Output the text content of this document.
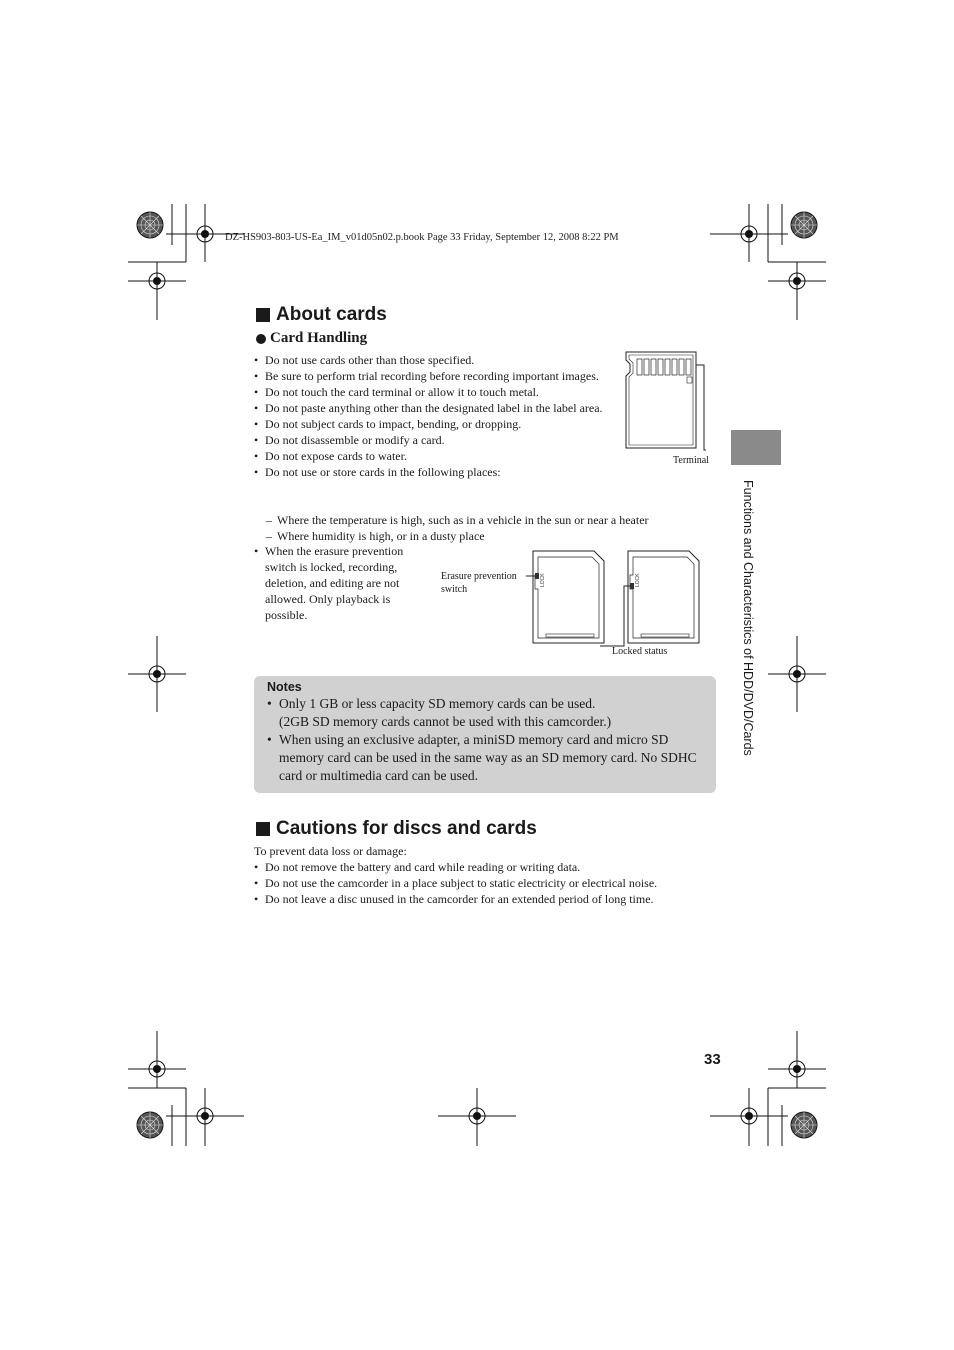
DZ-HS903-803-US-Ea_IM_v01d05n02.p.book Page 33 Friday, September 12, 2008 8:22 PM
About cards
Card Handling
• Do not use cards other than those specified.
• Be sure to perform trial recording before recording important images.
• Do not touch the card terminal or allow it to touch metal.
• Do not paste anything other than the designated label in the label area.
• Do not subject cards to impact, bending, or dropping.
• Do not disassemble or modify a card.
• Do not expose cards to water.
• Do not use or store cards in the following places:
– Where the temperature is high, such as in a vehicle in the sun or near a heater
– Where humidity is high, or in a dusty place
• When the erasure prevention switch is locked, recording, deletion, and editing are not allowed. Only playback is possible.
Terminal
LOCK	LOCK
Erasure prevention switch
Locked status
Notes
• Only 1 GB or less capacity SD memory cards can be used.
(2GB SD memory cards cannot be used with this camcorder.)
• When using an exclusive adapter, a miniSD memory card and micro SD memory card can be used in the same way as an SD memory card. No SDHC card or multimedia card can be used.
Cautions for discs and cards
To prevent data loss or damage:
• Do not remove the battery and card while reading or writing data.
• Do not use the camcorder in a place subject to static electricity or electrical noise.
• Do not leave a disc unused in the camcorder for an extended period of long time.
Functions and Characteristics of HDD/DVD/Cards
33
